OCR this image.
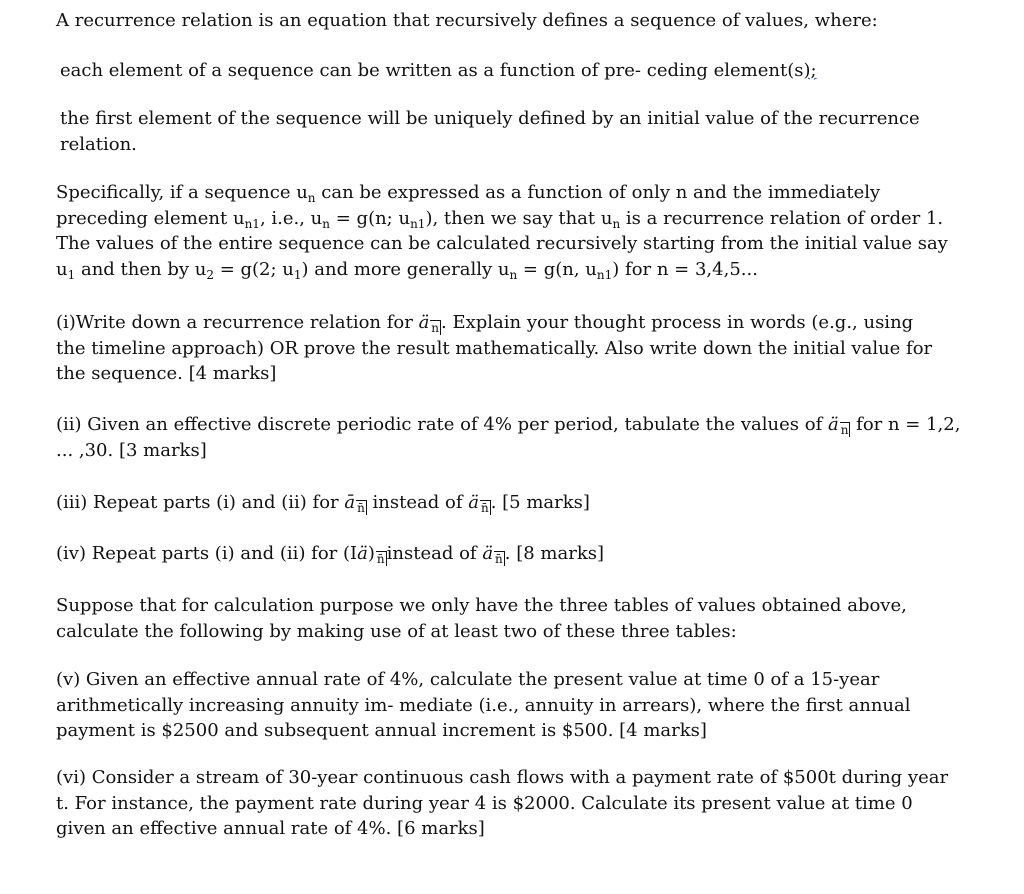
A recurrence relation is an equation that recursively defines a sequence of values, where:

each element of a sequence can be written as a function of pre- ceding element(s);

the first element of the sequence will be uniquely defined by an initial value of the recurrence relation.

Specifically, if a sequence $u_n$ can be expressed as a function of only n and the immediately preceding element $u_{n1}$, i.e., $u_n = g(n$; $u_{n1}$), then we say that $u_n$ is a recurrence relation of order 1. The values of the entire sequence can be calculated recursively starting from the initial value say $u_1$ and then by $u_2 = g(2$; $u_1$) and more generally $u_n = g(n$, $u_{n1}$) for n = 3,4,5...

(i)Write down a recurrence relation for ä $_n$ . Explain your thought process in words (e.g., using the timeline approach) OR prove the result mathematically. Also write down the initial value for the sequence. [4 marks]

(ii) Given an effective discrete periodic rate of 4% per period, tabulate the values of ä $_n$ for n = 1,2, ... ,30. [3 marks]

(iii) Repeat parts (i) and (ii) for ā $_{n̄}$ instead of ä $_{n̄}$ . [5 marks]

(iv) Repeat parts (i) and (ii) for (Iä) $_{n̄}$ instead of ä $_{n̄}$ . [8 marks]

Suppose that for calculation purpose we only have the three tables of values obtained above, calculate the following by making use of at least two of these three tables:

(v) Given an effective annual rate of 4%, calculate the present value at time 0 of a 15-year arithmetically increasing annuity im- mediate (i.e., annuity in arrears), where the first annual payment is $2500 and subsequent annual increment is $500. [4 marks]

(vi) Consider a stream of 30-year continuous cash flows with a payment rate of $500t during year t. For instance, the payment rate during year 4 is $2000. Calculate its present value at time 0 given an effective annual rate of 4%. [6 marks]
